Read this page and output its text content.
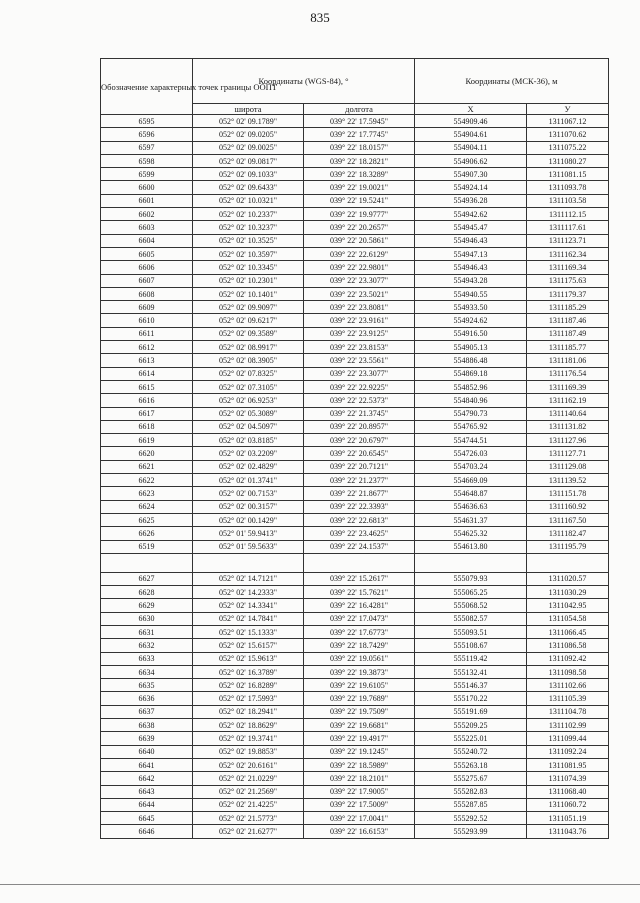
835
Обозначение характерных точек границы ООПТ	Координаты (WGS-84), °		Координаты (МСК-36), м	
	широта	долгота	X	У
6595	052° 02' 09.1789"	039° 22' 17.5945"	554909.46	1311067.12
6596	052° 02' 09.0205"	039° 22' 17.7745"	554904.61	1311070.62
6597	052° 02' 09.0025"	039° 22' 18.0157"	554904.11	1311075.22
6598	052° 02' 09.0817"	039° 22' 18.2821"	554906.62	1311080.27
6599	052° 02' 09.1033"	039° 22' 18.3289"	554907.30	1311081.15
6600	052° 02' 09.6433"	039° 22' 19.0021"	554924.14	1311093.78
6601	052° 02' 10.0321"	039° 22' 19.5241"	554936.28	1311103.58
6602	052° 02' 10.2337"	039° 22' 19.9777"	554942.62	1311112.15
6603	052° 02' 10.3237"	039° 22' 20.2657"	554945.47	1311117.61
6604	052° 02' 10.3525"	039° 22' 20.5861"	554946.43	1311123.71
6605	052° 02' 10.3597"	039° 22' 22.6129"	554947.13	1311162.34
6606	052° 02' 10.3345"	039° 22' 22.9801"	554946.43	1311169.34
6607	052° 02' 10.2301"	039° 22' 23.3077"	554943.28	1311175.63
6608	052° 02' 10.1401"	039° 22' 23.5021"	554940.55	1311179.37
6609	052° 02' 09.9097"	039° 22' 23.8081"	554933.50	1311185.29
6610	052° 02' 09.6217"	039° 22' 23.9161"	554924.62	1311187.46
6611	052° 02' 09.3589"	039° 22' 23.9125"	554916.50	1311187.49
6612	052° 02' 08.9917"	039° 22' 23.8153"	554905.13	1311185.77
6613	052° 02' 08.3905"	039° 22' 23.5561"	554886.48	1311181.06
6614	052° 02' 07.8325"	039° 22' 23.3077"	554869.18	1311176.54
6615	052° 02' 07.3105"	039° 22' 22.9225"	554852.96	1311169.39
6616	052° 02' 06.9253"	039° 22' 22.5373"	554840.96	1311162.19
6617	052° 02' 05.3089"	039° 22' 21.3745"	554790.73	1311140.64
6618	052° 02' 04.5097"	039° 22' 20.8957"	554765.92	1311131.82
6619	052° 02' 03.8185"	039° 22' 20.6797"	554744.51	1311127.96
6620	052° 02' 03.2209"	039° 22' 20.6545"	554726.03	1311127.71
6621	052° 02' 02.4829"	039° 22' 20.7121"	554703.24	1311129.08
6622	052° 02' 01.3741"	039° 22' 21.2377"	554669.09	1311139.52
6623	052° 02' 00.7153"	039° 22' 21.8677"	554648.87	1311151.78
6624	052° 02' 00.3157"	039° 22' 22.3393"	554636.63	1311160.92
6625	052° 02' 00.1429"	039° 22' 22.6813"	554631.37	1311167.50
6626	052° 01' 59.9413"	039° 22' 23.4625"	554625.32	1311182.47
6519	052° 01' 59.5633"	039° 22' 24.1537"	554613.80	1311195.79

6627	052° 02' 14.7121"	039° 22' 15.2617"	555079.93	1311020.57
6628	052° 02' 14.2333"	039° 22' 15.7621"	555065.25	1311030.29
6629	052° 02' 14.3341"	039° 22' 16.4281"	555068.52	1311042.95
6630	052° 02' 14.7841"	039° 22' 17.0473"	555082.57	1311054.58
6631	052° 02' 15.1333"	039° 22' 17.6773"	555093.51	1311066.45
6632	052° 02' 15.6157"	039° 22' 18.7429"	555108.67	1311086.58
6633	052° 02' 15.9613"	039° 22' 19.0561"	555119.42	1311092.42
6634	052° 02' 16.3789"	039° 22' 19.3873"	555132.41	1311098.58
6635	052° 02' 16.8289"	039° 22' 19.6105"	555146.37	1311102.66
6636	052° 02' 17.5993"	039° 22' 19.7689"	555170.22	1311105.39
6637	052° 02' 18.2941"	039° 22' 19.7509"	555191.69	1311104.78
6638	052° 02' 18.8629"	039° 22' 19.6681"	555209.25	1311102.99
6639	052° 02' 19.3741"	039° 22' 19.4917"	555225.01	1311099.44
6640	052° 02' 19.8853"	039° 22' 19.1245"	555240.72	1311092.24
6641	052° 02' 20.6161"	039° 22' 18.5989"	555263.18	1311081.95
6642	052° 02' 21.0229"	039° 22' 18.2101"	555275.67	1311074.39
6643	052° 02' 21.2569"	039° 22' 17.9005"	555282.83	1311068.40
6644	052° 02' 21.4225"	039° 22' 17.5009"	555287.85	1311060.72
6645	052° 02' 21.5773"	039° 22' 17.0041"	555292.52	1311051.19
6646	052° 02' 21.6277"	039° 22' 16.6153"	555293.99	1311043.76
